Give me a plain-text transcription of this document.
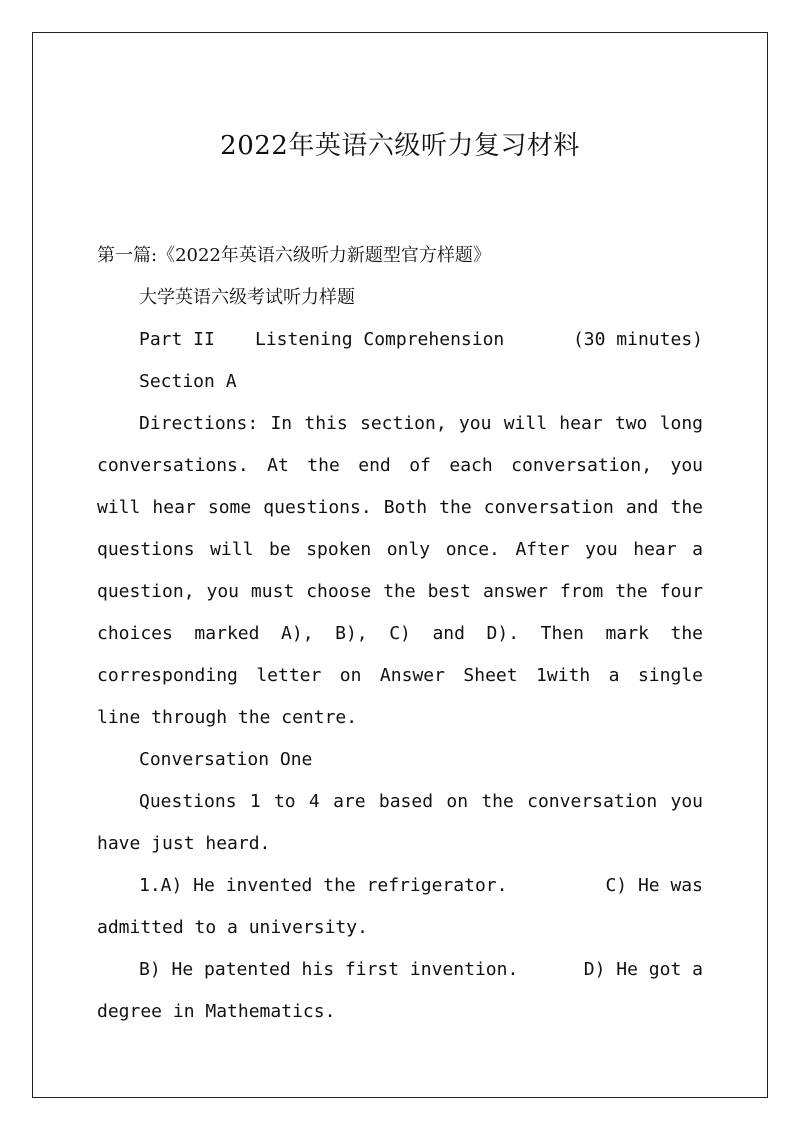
2022年英语六级听力复习材料

第一篇:《2022年英语六级听力新题型官方样题》

大学英语六级考试听力样题

Part II	Listening Comprehension	(30 minutes)

Section A

Directions: In this section, you will hear two long conversations. At the end of each conversation, you will hear some questions. Both the conversation and the questions will be spoken only once. After you hear a question, you must choose the best answer from the four choices marked A), B), C) and D). Then mark the corresponding letter on Answer Sheet 1with a single line through the centre.

Conversation One

Questions 1 to 4 are based on the conversation you have just heard.

1.A) He invented the refrigerator.	C) He was

admitted to a university.

B) He patented his first invention.	D) He got a

degree in Mathematics.
